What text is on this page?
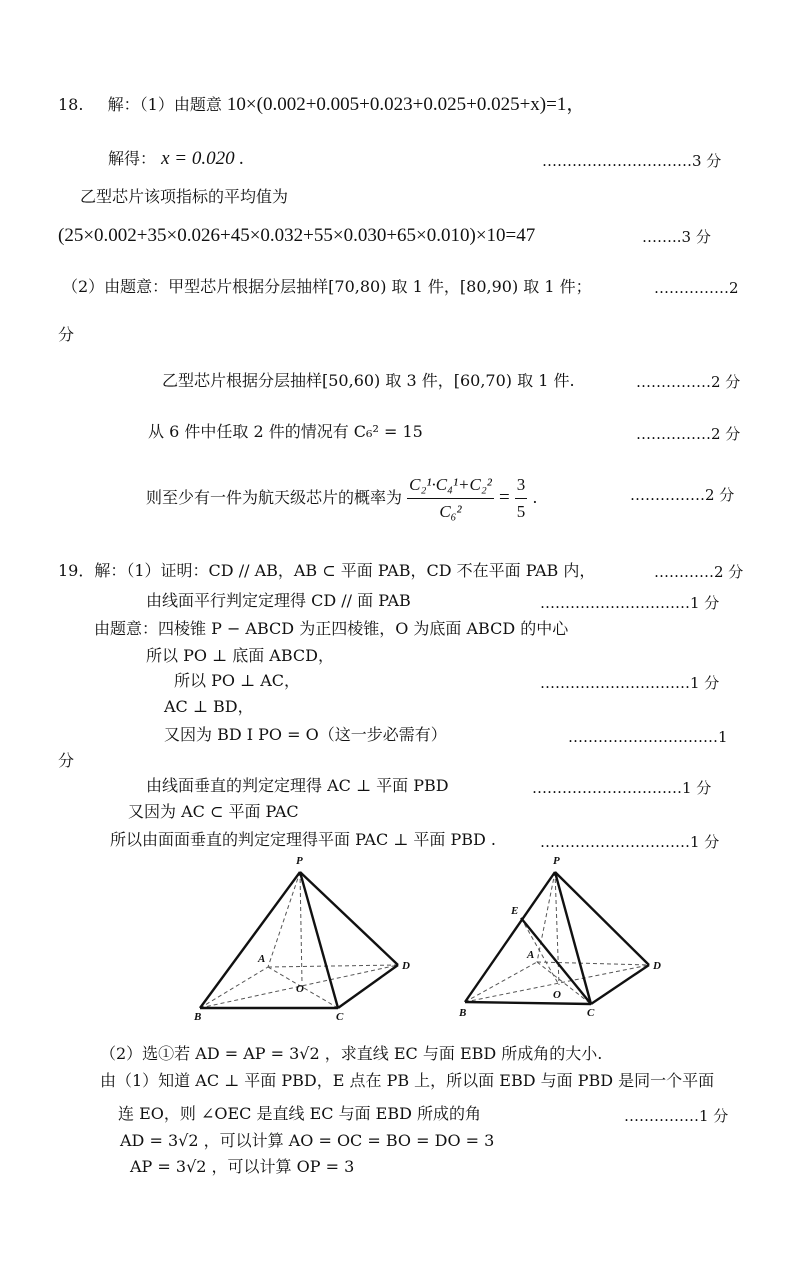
18. 解：（1）由题意 10×(0.002+0.005+0.023+0.025+0.025+x)=1，
解得： x = 0.020 .	…………………………3 分
乙型芯片该项指标的平均值为
(25×0.002+35×0.026+45×0.032+55×0.030+65×0.010)×10=47	……..3 分
（2）由题意：甲型芯片根据分层抽样[70,80) 取 1 件，[80,90) 取 1 件；	……………2
分
乙型芯片根据分层抽样[50,60) 取 3 件，[60,70) 取 1 件.	……………2 分
从 6 件中任取 2 件的情况有 C₆² = 15	……………2 分
则至少有一件为航天级芯片的概率为 $\frac{\text{C₂¹·C₄¹+C₂²}}{\text{C₆²}} = \frac{3}{5}$ .	……………2 分
19．解：（1）证明：CD // AB，AB ⊂ 平面 PAB，CD 不在平面 PAB 内，	…………2 分
由线面平行判定定理得 CD // 面 PAB	…………………………1 分
由题意：四棱锥 P − ABCD 为正四棱锥，O 为底面 ABCD 的中心
所以 PO ⊥ 底面 ABCD，
所以 PO ⊥ AC，	…………………………1 分
AC ⊥ BD，
又因为 BD I PO = O（这一步必需有）	…………………………1
分
由线面垂直的判定定理得 AC ⊥ 平面 PBD	…………………………1 分
又因为 AC ⊂ 平面 PAC
所以由面面垂直的判定定理得平面 PAC ⊥ 平面 PBD .	…………………………1 分
P
A
B	C
D
O
P
E
A
B	C
D
O
（2）选①若 AD = AP = 3√2 ，求直线 EC 与面 EBD 所成角的大小.
由（1）知道 AC ⊥ 平面 PBD，E 点在 PB 上，所以面 EBD 与面 PBD 是同一个平面
连 EO，则 ∠OEC 是直线 EC 与面 EBD 所成的角	……………1 分
AD = 3√2 ，可以计算 AO = OC = BO = DO = 3
AP = 3√2 ，可以计算 OP = 3
